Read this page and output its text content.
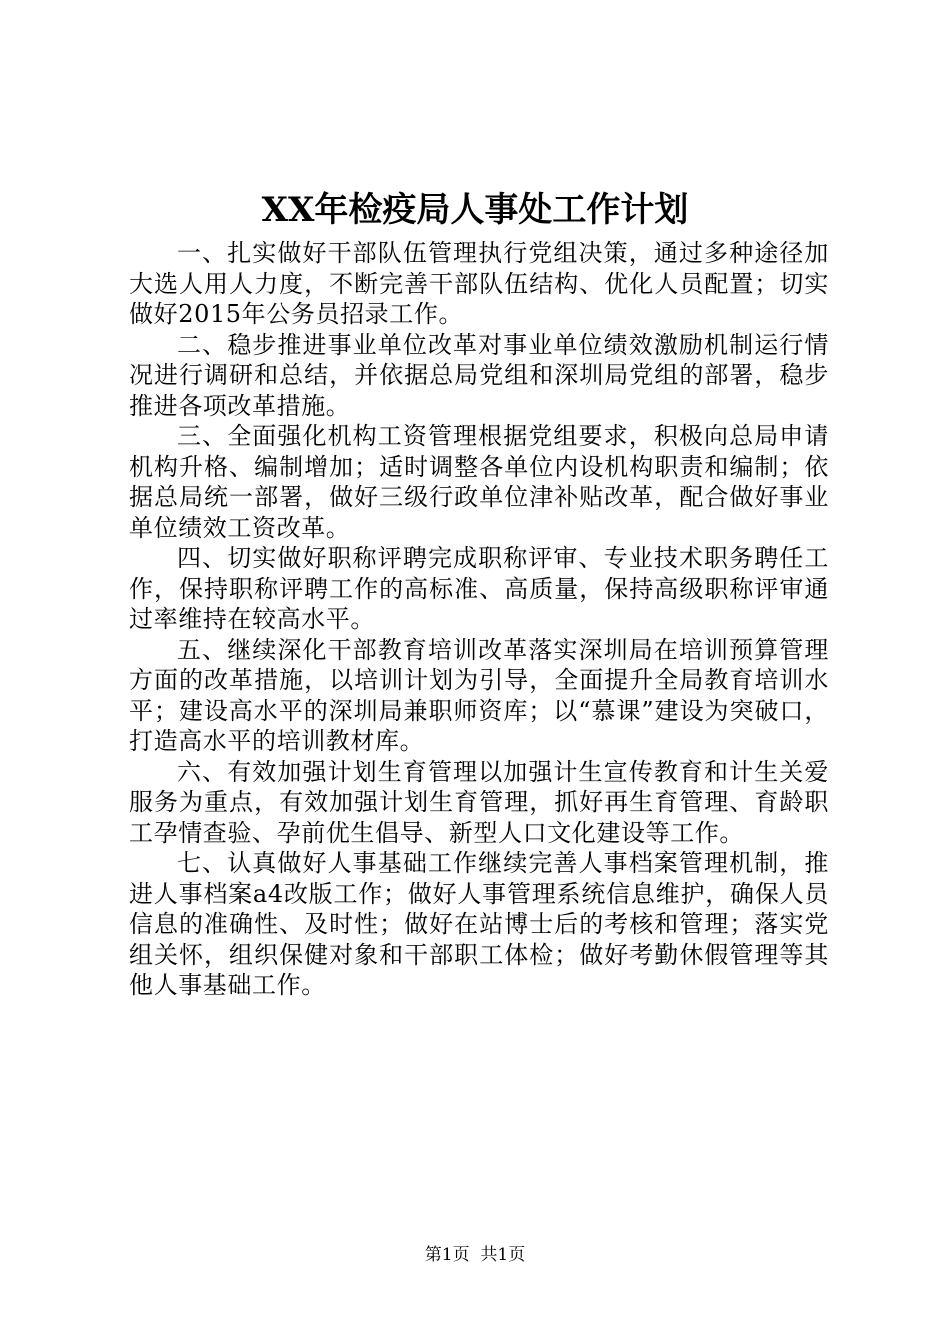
XX年检疫局人事处工作计划

一、扎实做好干部队伍管理执行党组决策，通过多种途径加大选人用人力度，不断完善干部队伍结构、优化人员配置；切实做好2015年公务员招录工作。

二、稳步推进事业单位改革对事业单位绩效激励机制运行情况进行调研和总结，并依据总局党组和深圳局党组的部署，稳步推进各项改革措施。

三、全面强化机构工资管理根据党组要求，积极向总局申请机构升格、编制增加；适时调整各单位内设机构职责和编制；依据总局统一部署，做好三级行政单位津补贴改革，配合做好事业单位绩效工资改革。

四、切实做好职称评聘完成职称评审、专业技术职务聘任工作，保持职称评聘工作的高标准、高质量，保持高级职称评审通过率维持在较高水平。

五、继续深化干部教育培训改革落实深圳局在培训预算管理方面的改革措施，以培训计划为引导，全面提升全局教育培训水平；建设高水平的深圳局兼职师资库；以“慕课”建设为突破口，打造高水平的培训教材库。

六、有效加强计划生育管理以加强计生宣传教育和计生关爱服务为重点，有效加强计划生育管理，抓好再生育管理、育龄职工孕情查验、孕前优生倡导、新型人口文化建设等工作。

七、认真做好人事基础工作继续完善人事档案管理机制，推进人事档案a4改版工作；做好人事管理系统信息维护，确保人员信息的准确性、及时性；做好在站博士后的考核和管理；落实党组关怀，组织保健对象和干部职工体检；做好考勤休假管理等其他人事基础工作。

第1页  共1页
